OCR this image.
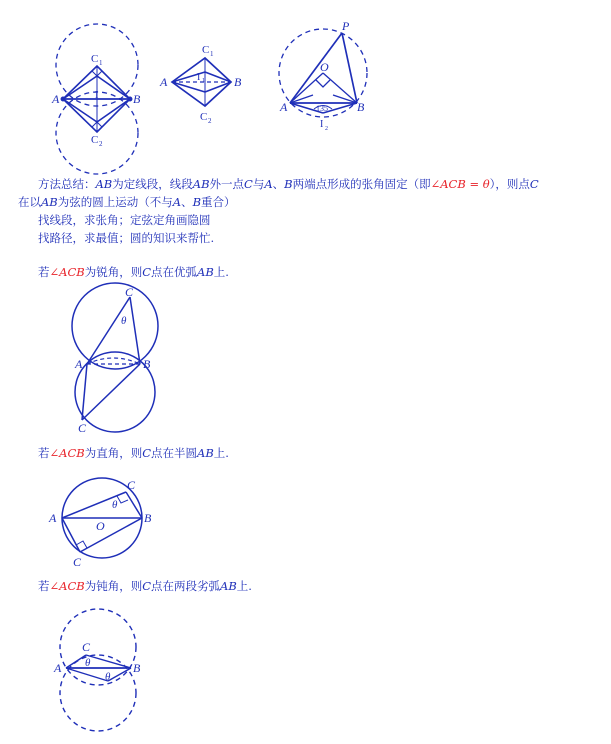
A	B
C 1
C 2
I
A	B
C 1
C 2
I 1
P
O
A	B
135
I 2
C
θ
A	B
C
C
θ
A
O
B
C
C
θ
A	B
θ
方法总结：AB为定线段，线段AB外一点C与A、B两端点形成的张角固定（即∠ACB = θ），则点C
在以AB为弦的圆上运动（不与A、B重合）
找线段，求张角；定弦定角画隐圆
找路径，求最值；圆的知识来帮忙.
若∠ACB为锐角，则C点在优弧AB上.
若∠ACB为直角，则C点在半圆AB上.
若∠ACB为钝角，则C点在两段劣弧AB上.
